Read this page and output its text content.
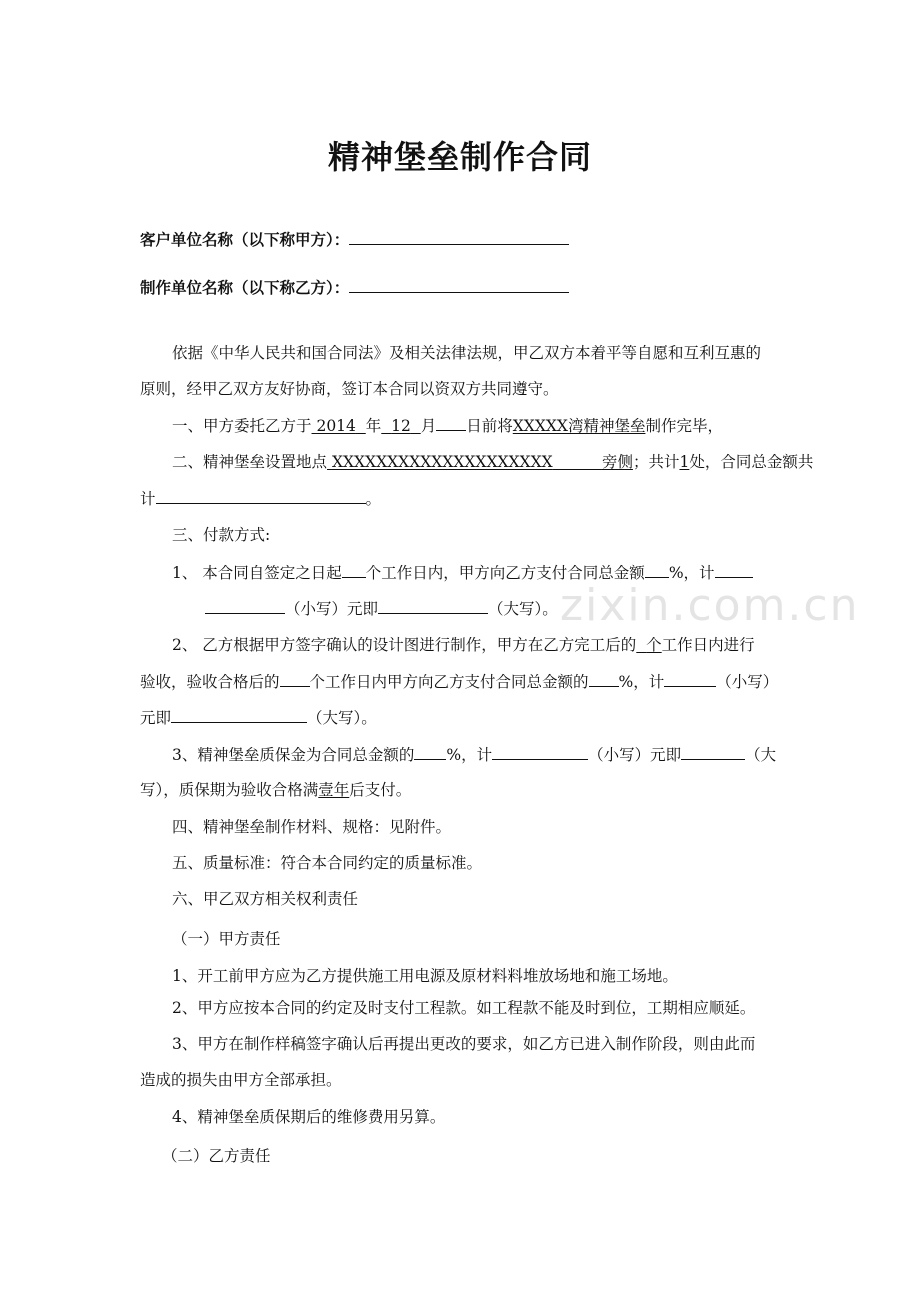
zixin.com.cn
精神堡垒制作合同
客户单位名称（以下称甲方）：
制作单位名称（以下称乙方）：
依据《中华人民共和国合同法》及相关法律法规，甲乙双方本着平等自愿和互利互惠的
原则，经甲乙双方友好协商，签订本合同以资双方共同遵守。
一、甲方委托乙方于 2014 年 12 月 日前将XXXXX湾精神堡垒制作完毕，
二、精神堡垒设置地点 XXXXXXXXXXXXXXXXXXXX	旁侧；共计1处，合同总金额共
计	。
三、付款方式:
1、 本合同自签定之日起 个工作日内，甲方向乙方支付合同总金额 %，计
（小写）元即	（大写）。
2、 乙方根据甲方签字确认的设计图进行制作，甲方在乙方完工后的 个工作日内进行
验收，验收合格后的 个工作日内甲方向乙方支付合同总金额的 %，计	（小写）
元即	（大写）。
3、精神堡垒质保金为合同总金额的 %，计	（小写）元即	（大
写），质保期为验收合格满壹年后支付。
四、精神堡垒制作材料、规格：见附件。
五、质量标准：符合本合同约定的质量标准。
六、甲乙双方相关权利责任
（一）甲方责任
1、开工前甲方应为乙方提供施工用电源及原材料料堆放场地和施工场地。
2、甲方应按本合同的约定及时支付工程款。如工程款不能及时到位，工期相应顺延。
3、甲方在制作样稿签字确认后再提出更改的要求，如乙方已进入制作阶段，则由此而
造成的损失由甲方全部承担。
4、精神堡垒质保期后的维修费用另算。
（二）乙方责任
